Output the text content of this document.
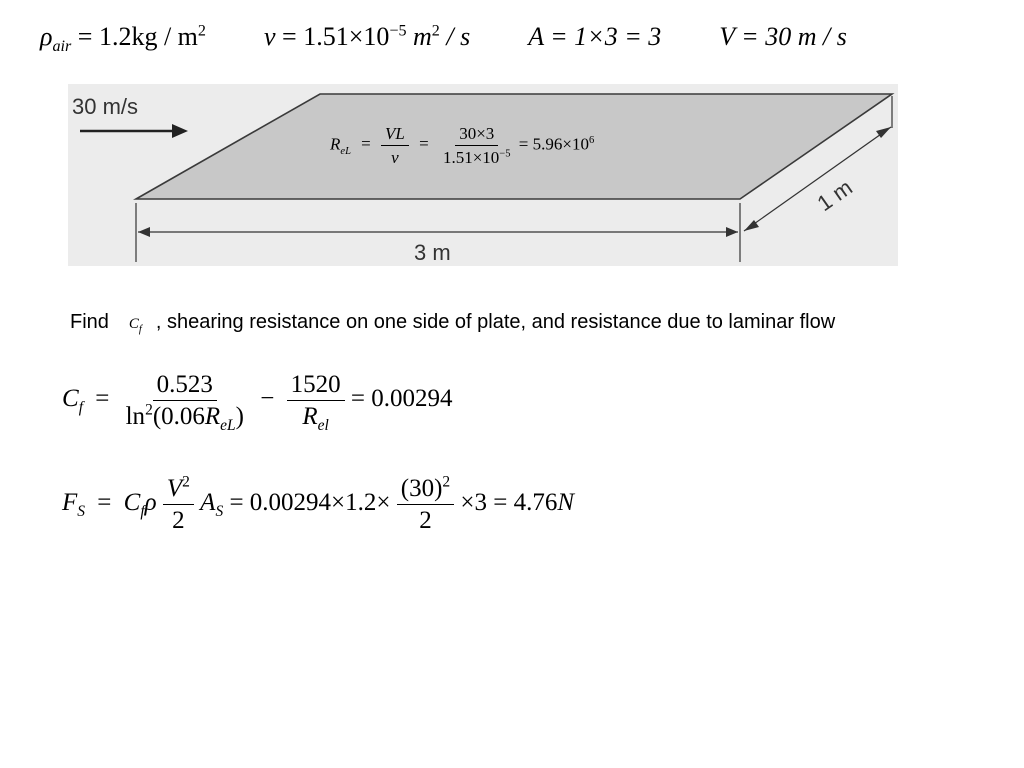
$\rho_{air} = 1.2kg / m^2$ $\nu = 1.51\times 10^{-5}$ $m^2$ / s A = 1×3 = 3 V = 30 m / s
30 m/s
3 m
1 m
$R_{eL} = \frac{VL}{\nu} = \frac{30\times 3}{1.51\times 10^{-5}} = 5.96\times 10^6$
Find $C_f$ , shearing resistance on one side of plate, and resistance due to laminar flow
$C_f = \frac{0.523}{\ln^2(0.06R_{eL})} - \frac{1520}{R_{el}} = 0.00294$
$F_S = C_f\rho \frac{V^2}{2} A_S = 0.00294\times 1.2\times \frac{(30)^2}{2} \times 3 = 4.76N$
